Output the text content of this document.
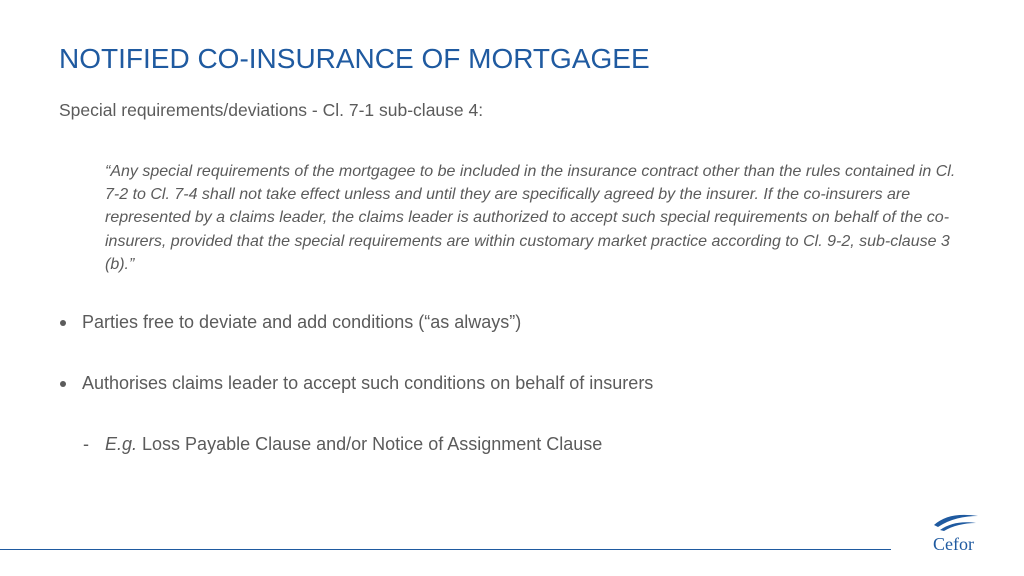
NOTIFIED CO-INSURANCE OF MORTGAGEE

Special requirements/deviations - Cl. 7-1 sub-clause 4:

“Any special requirements of the mortgagee to be included in the insurance contract other than the rules contained in Cl. 7-2 to Cl. 7-4 shall not take effect unless and until they are specifically agreed by the insurer. If the co-insurers are represented by a claims leader, the claims leader is authorized to accept such special requirements on behalf of the co-insurers, provided that the special requirements are within customary market practice according to Cl. 9-2, sub-clause 3 (b).”

Parties free to deviate and add conditions (“as always”)
Authorises claims leader to accept such conditions on behalf of insurers

- E.g. Loss Payable Clause and/or Notice of Assignment Clause

Cefor
